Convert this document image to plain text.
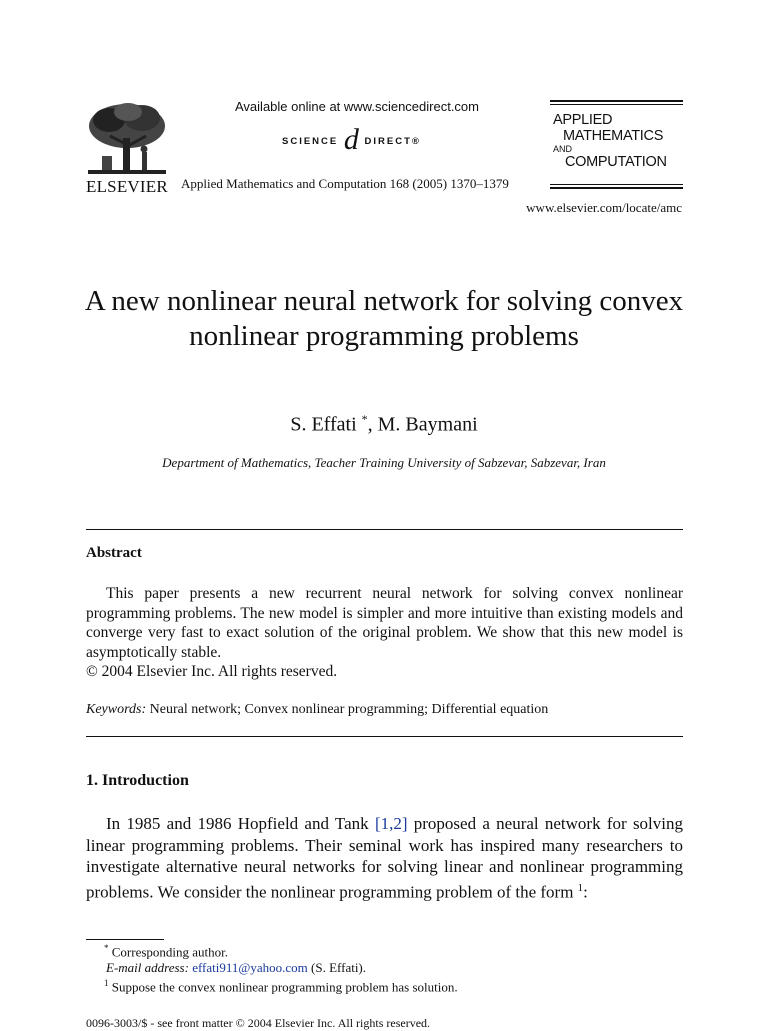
ELSEVIER
Available online at www.sciencedirect.com
SCIENCE d DIRECT®
Applied Mathematics and Computation 168 (2005) 1370–1379
APPLIED
MATHEMATICS
AND
COMPUTATION
www.elsevier.com/locate/amc
A new nonlinear neural network for solving convex nonlinear programming problems
S. Effati *, M. Baymani
Department of Mathematics, Teacher Training University of Sabzevar, Sabzevar, Iran
Abstract

This paper presents a new recurrent neural network for solving convex nonlinear programming problems. The new model is simpler and more intuitive than existing models and converge very fast to exact solution of the original problem. We show that this new model is asymptotically stable.

© 2004 Elsevier Inc. All rights reserved.

Keywords: Neural network; Convex nonlinear programming; Differential equation
1. Introduction

In 1985 and 1986 Hopfield and Tank [1,2] proposed a neural network for solving linear programming problems. Their seminal work has inspired many researchers to investigate alternative neural networks for solving linear and nonlinear programming problems. We consider the nonlinear programming problem of the form $^1$:

* Corresponding author.
E-mail address: effati911@yahoo.com (S. Effati).
$^1$ Suppose the convex nonlinear programming problem has solution.
0096-3003/$ - see front matter © 2004 Elsevier Inc. All rights reserved.
